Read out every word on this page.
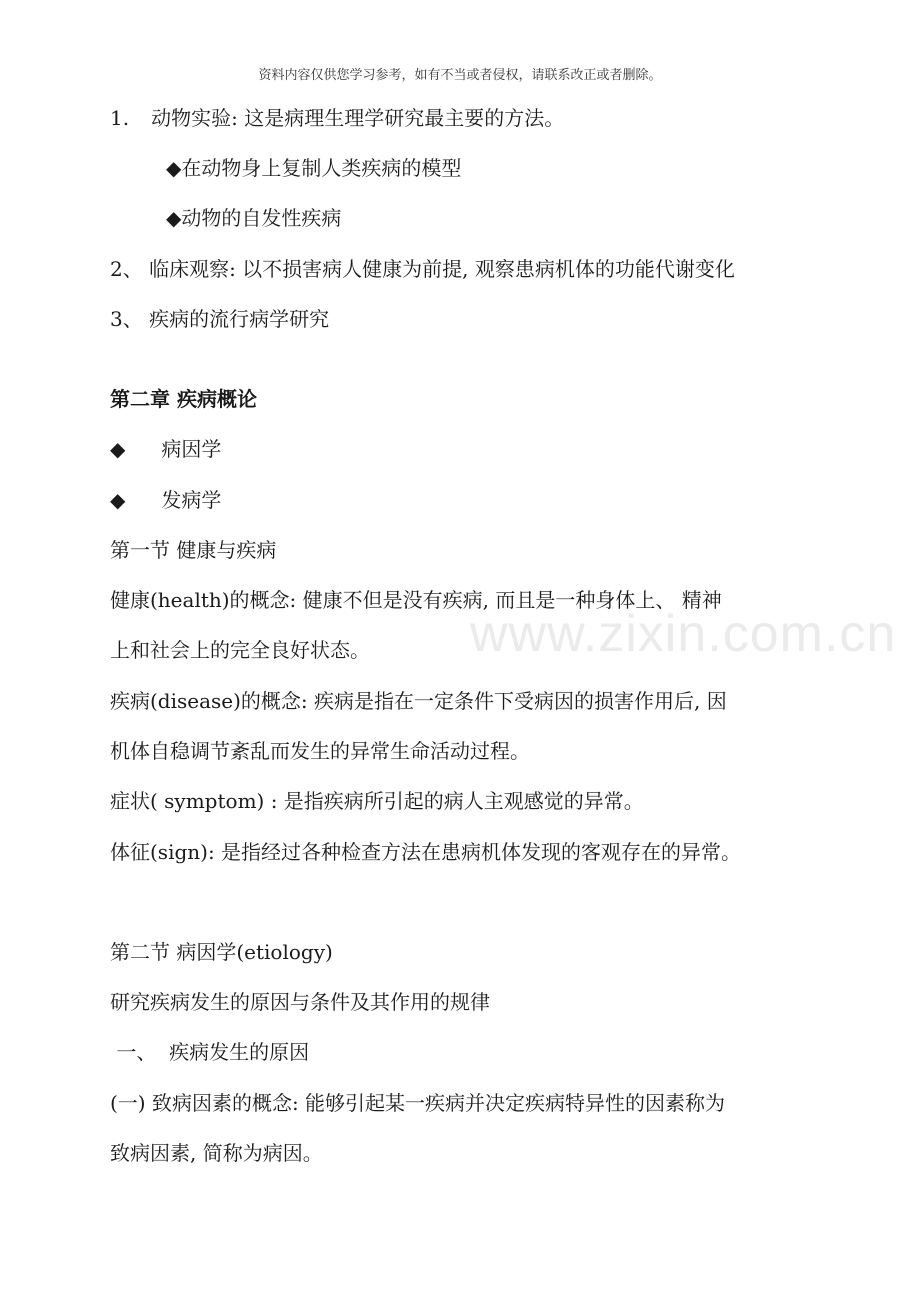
资料内容仅供您学习参考，如有不当或者侵权，请联系改正或者删除。
www.zixin.com.cn
1. 动物实验: 这是病理生理学研究最主要的方法。
◆在动物身上复制人类疾病的模型
◆动物的自发性疾病
2、 临床观察: 以不损害病人健康为前提, 观察患病机体的功能代谢变化
3、 疾病的流行病学研究
第二章 疾病概论
◆ 病因学
◆ 发病学
第一节 健康与疾病
健康(health)的概念: 健康不但是没有疾病, 而且是一种身体上、 精神
上和社会上的完全良好状态。
疾病(disease)的概念: 疾病是指在一定条件下受病因的损害作用后, 因
机体自稳调节紊乱而发生的异常生命活动过程。
症状( symptom) : 是指疾病所引起的病人主观感觉的异常。
体征(sign): 是指经过各种检查方法在患病机体发现的客观存在的异常。
第二节 病因学(etiology)
研究疾病发生的原因与条件及其作用的规律
一、  疾病发生的原因
(一) 致病因素的概念: 能够引起某一疾病并决定疾病特异性的因素称为
致病因素, 简称为病因。
